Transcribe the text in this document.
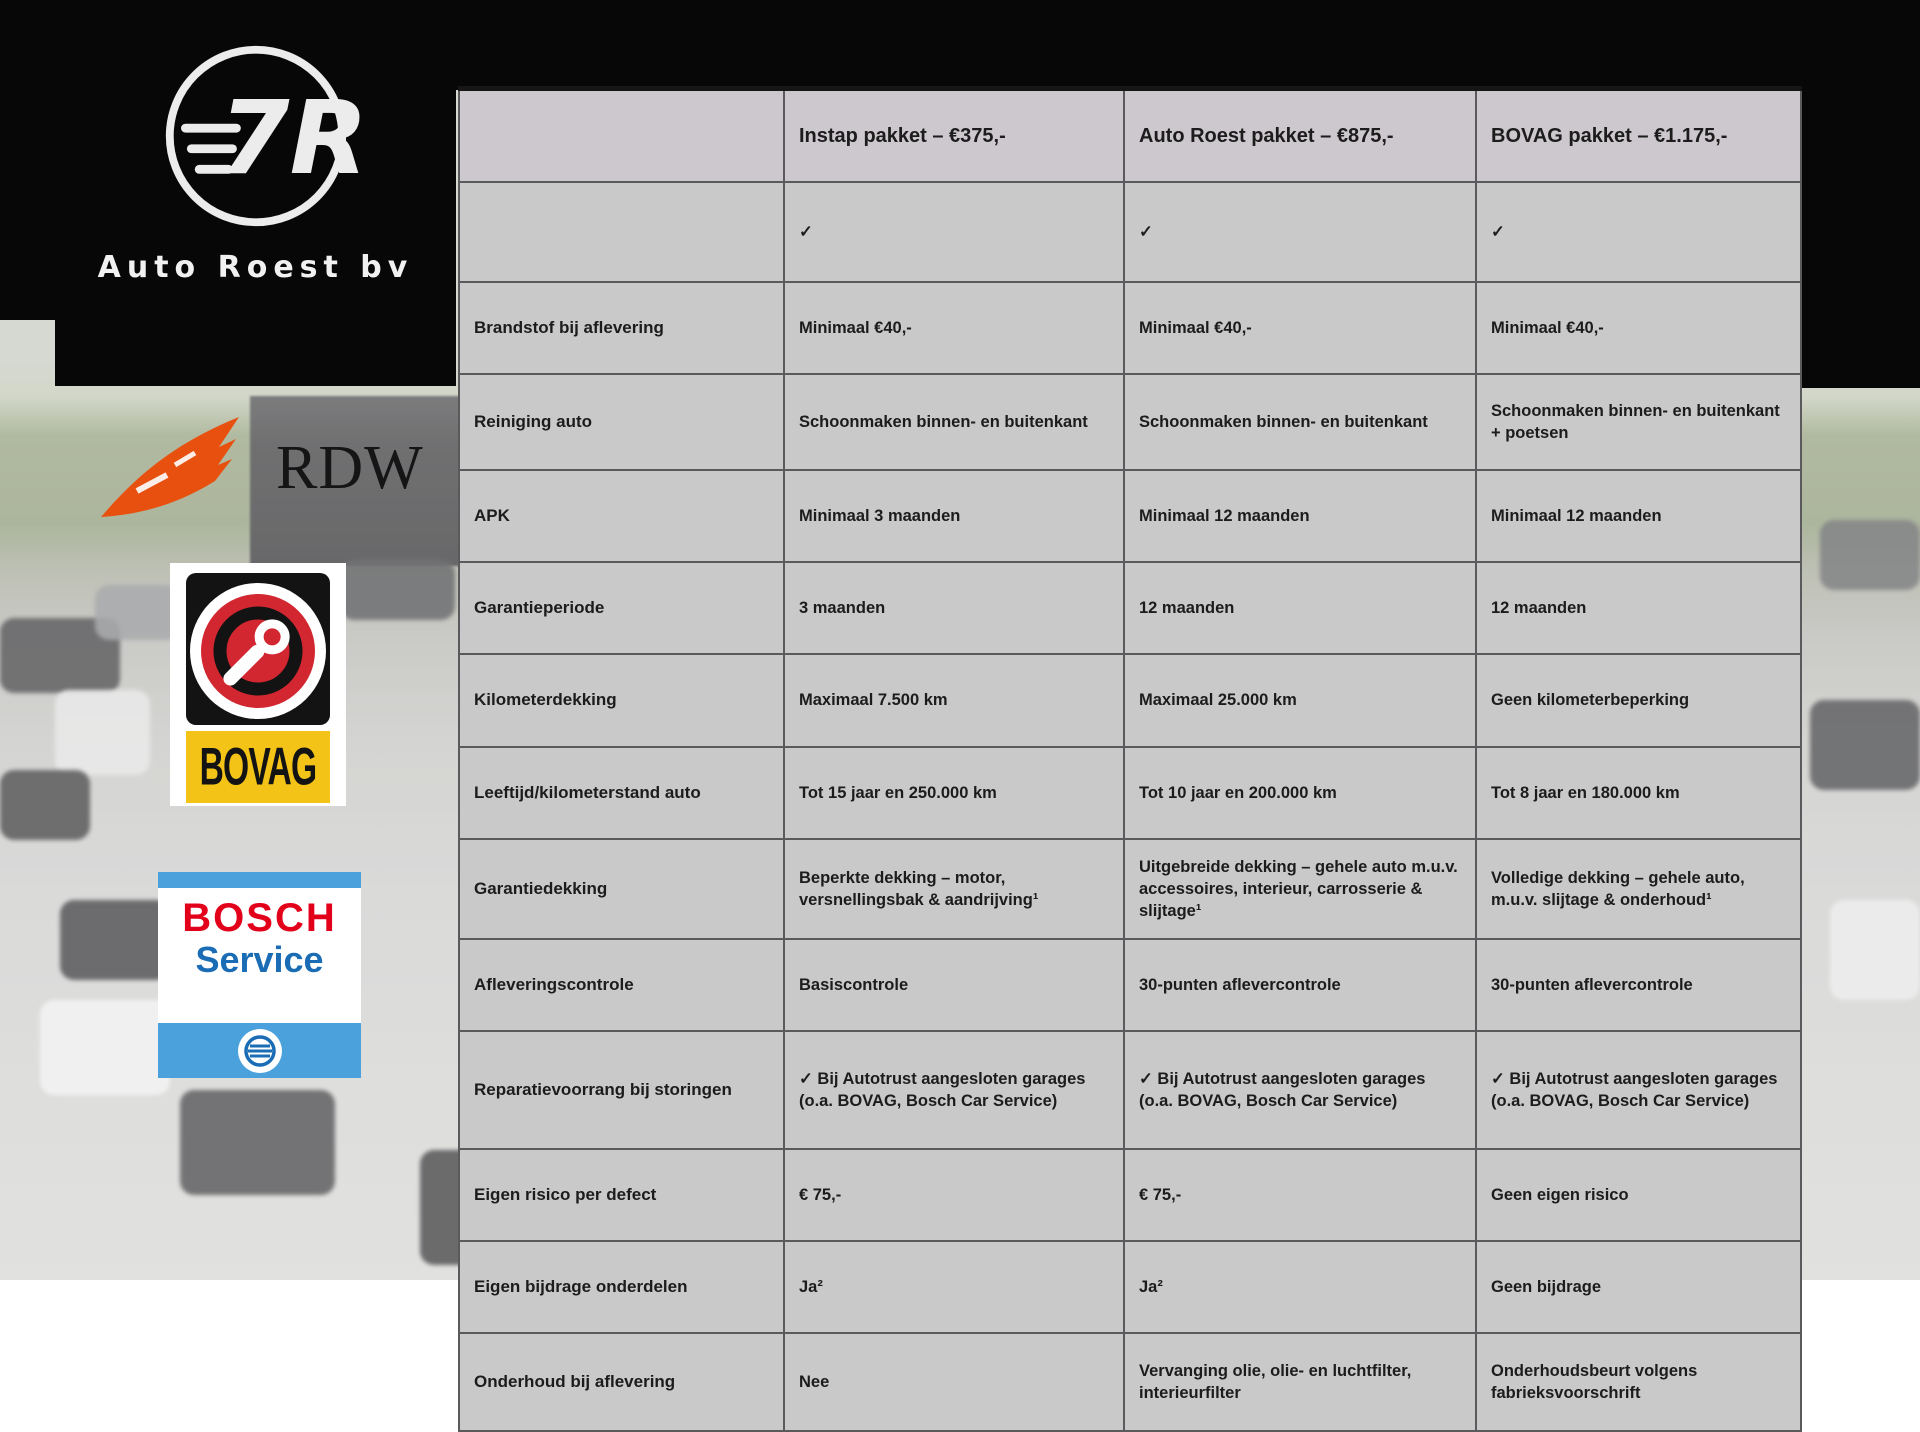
7R
Auto Roest bv
RDW
BOVAG
BOSCH
Service
	Instap pakket – €375,-	Auto Roest pakket – €875,-	BOVAG pakket – €1.175,-
	✓	✓	✓
Brandstof bij aflevering	Minimaal €40,-	Minimaal €40,-	Minimaal €40,-
Reiniging auto	Schoonmaken binnen- en buitenkant	Schoonmaken binnen- en buitenkant	Schoonmaken binnen- en buitenkant + poetsen
APK	Minimaal 3 maanden	Minimaal 12 maanden	Minimaal 12 maanden
Garantieperiode	3 maanden	12 maanden	12 maanden
Kilometerdekking	Maximaal 7.500 km	Maximaal 25.000 km	Geen kilometerbeperking
Leeftijd/kilometerstand auto	Tot 15 jaar en 250.000 km	Tot 10 jaar en 200.000 km	Tot 8 jaar en 180.000 km
Garantiedekking	Beperkte dekking – motor, versnellingsbak & aandrijving¹	Uitgebreide dekking – gehele auto m.u.v. accessoires, interieur, carrosserie & slijtage¹	Volledige dekking – gehele auto, m.u.v. slijtage & onderhoud¹
Afleveringscontrole	Basiscontrole	30-punten aflevercontrole	30-punten aflevercontrole
Reparatievoorrang bij storingen	✓ Bij Autotrust aangesloten garages (o.a. BOVAG, Bosch Car Service)	✓ Bij Autotrust aangesloten garages (o.a. BOVAG, Bosch Car Service)	✓ Bij Autotrust aangesloten garages (o.a. BOVAG, Bosch Car Service)
Eigen risico per defect	€ 75,-	€ 75,-	Geen eigen risico
Eigen bijdrage onderdelen	Ja²	Ja²	Geen bijdrage
Onderhoud bij aflevering	Nee	Vervanging olie, olie- en luchtfilter, interieurfilter	Onderhoudsbeurt volgens fabrieksvoorschrift
